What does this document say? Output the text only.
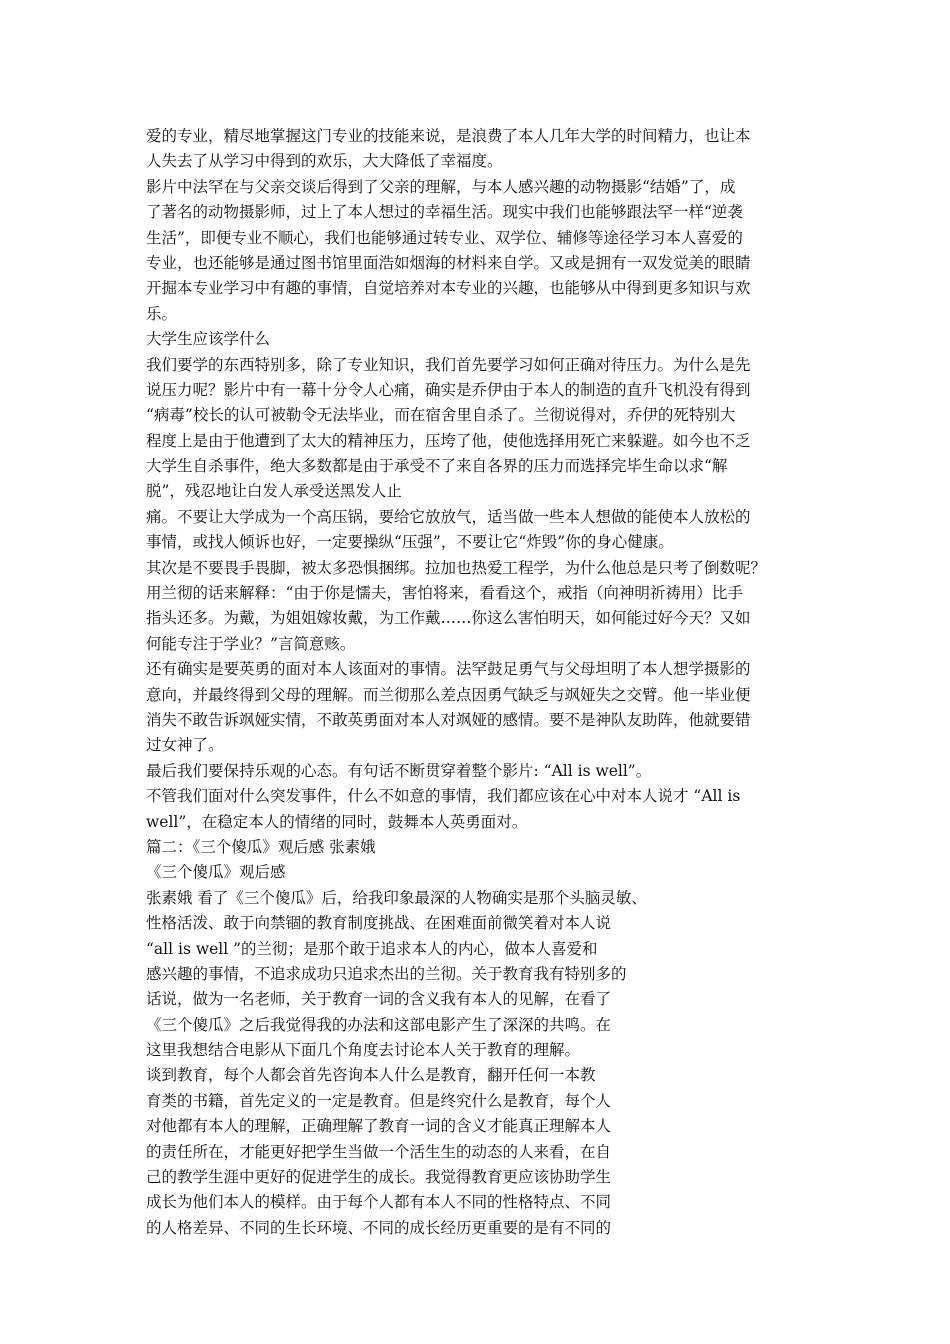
爱的专业，精尽地掌握这门专业的技能来说，是浪费了本人几年大学的时间精力，也让本
人失去了从学习中得到的欢乐，大大降低了幸福度。
影片中法罕在与父亲交谈后得到了父亲的理解，与本人感兴趣的动物摄影“结婚”了，成
了著名的动物摄影师，过上了本人想过的幸福生活。现实中我们也能够跟法罕一样“逆袭
生活”，即便专业不顺心，我们也能够通过转专业、双学位、辅修等途径学习本人喜爱的
专业，也还能够是通过图书馆里面浩如烟海的材料来自学。又或是拥有一双发觉美的眼睛
开掘本专业学习中有趣的事情，自觉培养对本专业的兴趣，也能够从中得到更多知识与欢
乐。
大学生应该学什么
我们要学的东西特别多，除了专业知识，我们首先要学习如何正确对待压力。为什么是先
说压力呢？影片中有一幕十分令人心痛，确实是乔伊由于本人的制造的直升飞机没有得到
“病毒”校长的认可被勒令无法毕业，而在宿舍里自杀了。兰彻说得对，乔伊的死特别大
程度上是由于他遭到了太大的精神压力，压垮了他，使他选择用死亡来躲避。如今也不乏
大学生自杀事件，绝大多数都是由于承受不了来自各界的压力而选择完毕生命以求“解
脱”，残忍地让白发人承受送黑发人止
痛。不要让大学成为一个高压锅，要给它放放气，适当做一些本人想做的能使本人放松的
事情，或找人倾诉也好，一定要操纵“压强”，不要让它“炸毁”你的身心健康。
其次是不要畏手畏脚，被太多恐惧捆绑。拉加也热爱工程学，为什么他总是只考了倒数呢？
用兰彻的话来解释：“由于你是懦夫，害怕将来，看看这个，戒指（向神明祈祷用）比手
指头还多。为戴，为姐姐嫁妆戴，为工作戴……你这么害怕明天，如何能过好今天？又如
何能专注于学业？”言简意赅。
还有确实是要英勇的面对本人该面对的事情。法罕鼓足勇气与父母坦明了本人想学摄影的
意向，并最终得到父母的理解。而兰彻那么差点因勇气缺乏与飒娅失之交臂。他一毕业便
消失不敢告诉飒娅实情，不敢英勇面对本人对飒娅的感情。要不是神队友助阵，他就要错
过女神了。
最后我们要保持乐观的心态。有句话不断贯穿着整个影片: “All is well”。
不管我们面对什么突发事件，什么不如意的事情，我们都应该在心中对本人说才 “All is
well”，在稳定本人的情绪的同时，鼓舞本人英勇面对。
篇二：《三个傻瓜》观后感 张素娥
《三个傻瓜》观后感
张素娥 看了《三个傻瓜》后，给我印象最深的人物确实是那个头脑灵敏、
性格活泼、敢于向禁锢的教育制度挑战、在困难面前微笑着对本人说
“all is well ”的兰彻；是那个敢于追求本人的内心，做本人喜爱和
感兴趣的事情，不追求成功只追求杰出的兰彻。关于教育我有特别多的
话说，做为一名老师，关于教育一词的含义我有本人的见解，在看了
《三个傻瓜》之后我觉得我的办法和这部电影产生了深深的共鸣。在
这里我想结合电影从下面几个角度去讨论本人关于教育的理解。
谈到教育，每个人都会首先咨询本人什么是教育，翻开任何一本教
育类的书籍，首先定义的一定是教育。但是终究什么是教育，每个人
对他都有本人的理解，正确理解了教育一词的含义才能真正理解本人
的责任所在，才能更好把学生当做一个活生生的动态的人来看，在自
己的教学生涯中更好的促进学生的成长。我觉得教育更应该协助学生
成长为他们本人的模样。由于每个人都有本人不同的性格特点、不同
的人格差异、不同的生长环境、不同的成长经历更重要的是有不同的
